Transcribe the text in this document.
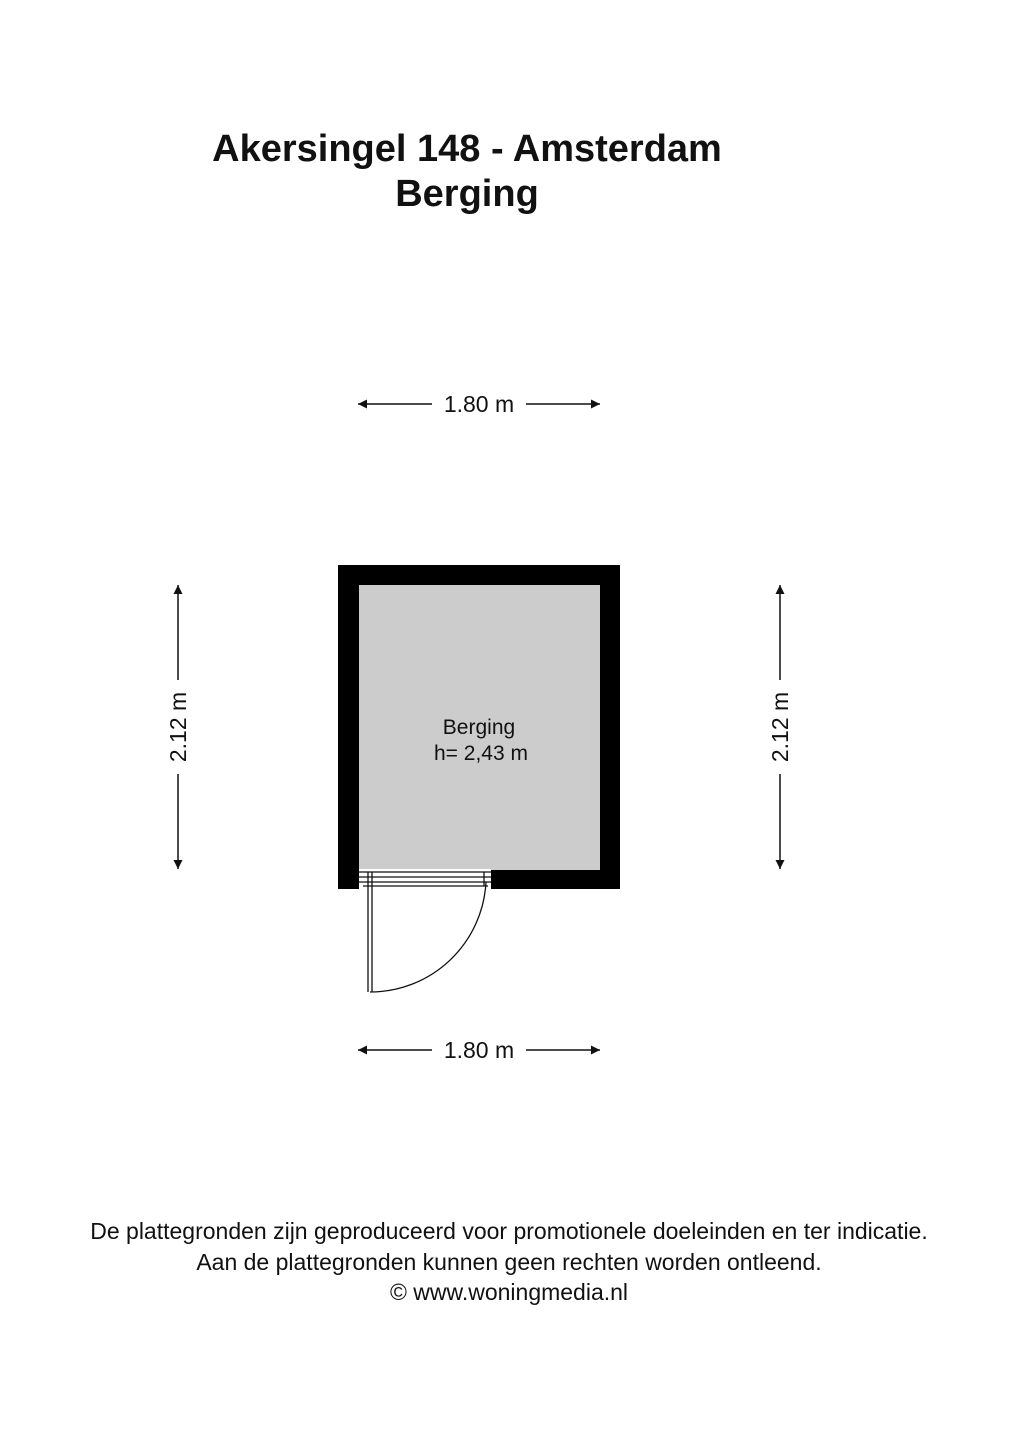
Akersingel 148 - Amsterdam
Berging
1.80 m
1.80 m
2.12 m	2.12 m
Berging
h= 2,43 m
De plattegronden zijn geproduceerd voor promotionele doeleinden en ter indicatie.
Aan de plattegronden kunnen geen rechten worden ontleend.
© www.woningmedia.nl
